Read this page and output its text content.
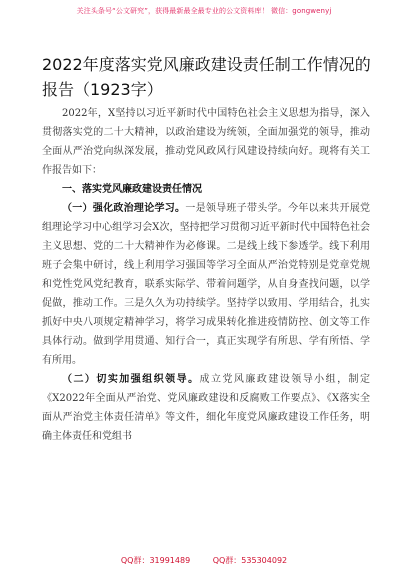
关注头条号“公文研究”，获得最新最全最专业的公文资料库！ 微信：gongwenyj
2022年度落实党风廉政建设责任制工作情况的报告（1923字）

2022年，X坚持以习近平新时代中国特色社会主义思想为指导，深入贯彻落实党的二十大精神，以政治建设为统领，全面加强党的领导，推动全面从严治党向纵深发展，推动党风政风行风建设持续向好。现将有关工作报告如下：

一、落实党风廉政建设责任情况

（一）强化政治理论学习。一是领导班子带头学。今年以来共开展党组理论学习中心组学习会X次，坚持把学习贯彻习近平新时代中国特色社会主义思想、党的二十大精神作为必修课。二是线上线下参透学。线下利用班子会集中研讨，线上利用学习强国等学习全面从严治党特别是党章党规和党性党风党纪教育，联系实际学、带着问题学，从自身查找问题，以学促做，推动工作。三是久久为功持续学。坚持学以致用、学用结合，扎实抓好中央八项规定精神学习，将学习成果转化推进疫情防控、创文等工作具体行动。做到学用贯通、知行合一，真正实现学有所思、学有所悟、学有所用。

（二）切实加强组织领导。成立党风廉政建设领导小组，制定《X2022年全面从严治党、党风廉政建设和反腐败工作要点》、《X落实全面从严治党主体责任清单》等文件，细化年度党风廉政建设工作任务，明确主体责任和党组书

QQ群：31991489	QQ群：535304092
